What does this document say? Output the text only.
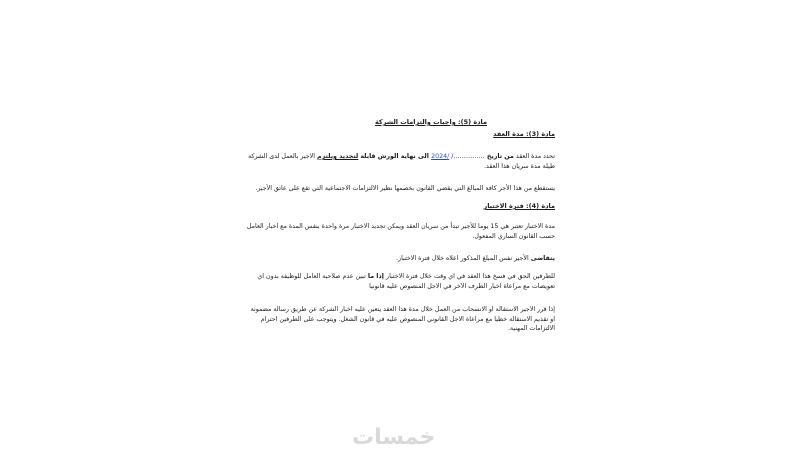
مادة (5): واجبات والتزامات الشركة
مادة (3): مدة العقد
تحدد مدة العقد من تاريخ ……………/ /2024 الى نهاية الورش قابلة لتجديد ويلتزم الاجير بالعمل لدى الشركة طيلة مدة سريان هذا العقد.
يستقطع من هذا الأجر كافة المبالغ التي يقضي القانون بخصمها نظير الالتزامات الاجتماعية التي تقع على عاتق الأجير.
مادة (4): فترة الاختبار
مدة الاختبار تعتبر هي 15 يوما للأجير تبدأ من سريان العقد ويمكن تجديد الاختبار مرة واحدة بنفس المدة مع اخبار العامل حسب القانون الساري المفعول.
يتقاضى الأجير نفس المبلغ المذكور اعلاه خلال فترة الاختبار.
للطرفين الحق في فسخ هذا العقد في اي وقت خلال فترة الاختبار إذا ما تبين عدم صلاحية العامل للوظيفة بدون اي تعويضات مع مراعاة اخبار الطرف الآخر في الاجل المنصوص عليه قانونيا
إذا قرر الاجير الاستقالة او الانسحاب من العمل خلال مدة هذا العقد يتعين عليه اخبار الشركة عن طريق رسالة مضمونة او تقديم الاستقالة خطيا مع مراعاة الاجل القانوني المنصوص عليه في قانون الشغل. ويتوجب على الطرفين احترام الالتزامات المهنية.
خمسات
